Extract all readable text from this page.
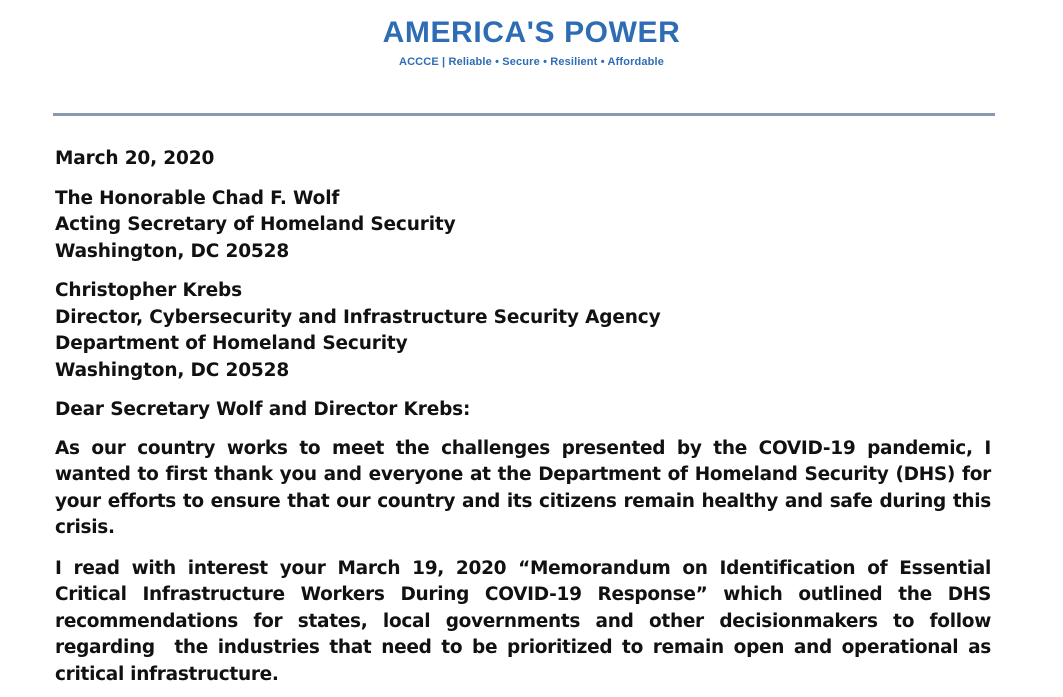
AMERICA'S POWER
ACCCE | Reliable • Secure • Resilient • Affordable
March 20, 2020
The Honorable Chad F. Wolf
Acting Secretary of Homeland Security
Washington, DC 20528
Christopher Krebs
Director, Cybersecurity and Infrastructure Security Agency
Department of Homeland Security
Washington, DC 20528
Dear Secretary Wolf and Director Krebs:

As our country works to meet the challenges presented by the COVID-19 pandemic, I wanted to first thank you and everyone at the Department of Homeland Security (DHS) for your efforts to ensure that our country and its citizens remain healthy and safe during this crisis.

I read with interest your March 19, 2020 “Memorandum on Identification of Essential Critical Infrastructure Workers During COVID-19 Response” which outlined the DHS recommendations for states, local governments and other decisionmakers to follow regarding  the industries that need to be prioritized to remain open and operational as critical infrastructure.
